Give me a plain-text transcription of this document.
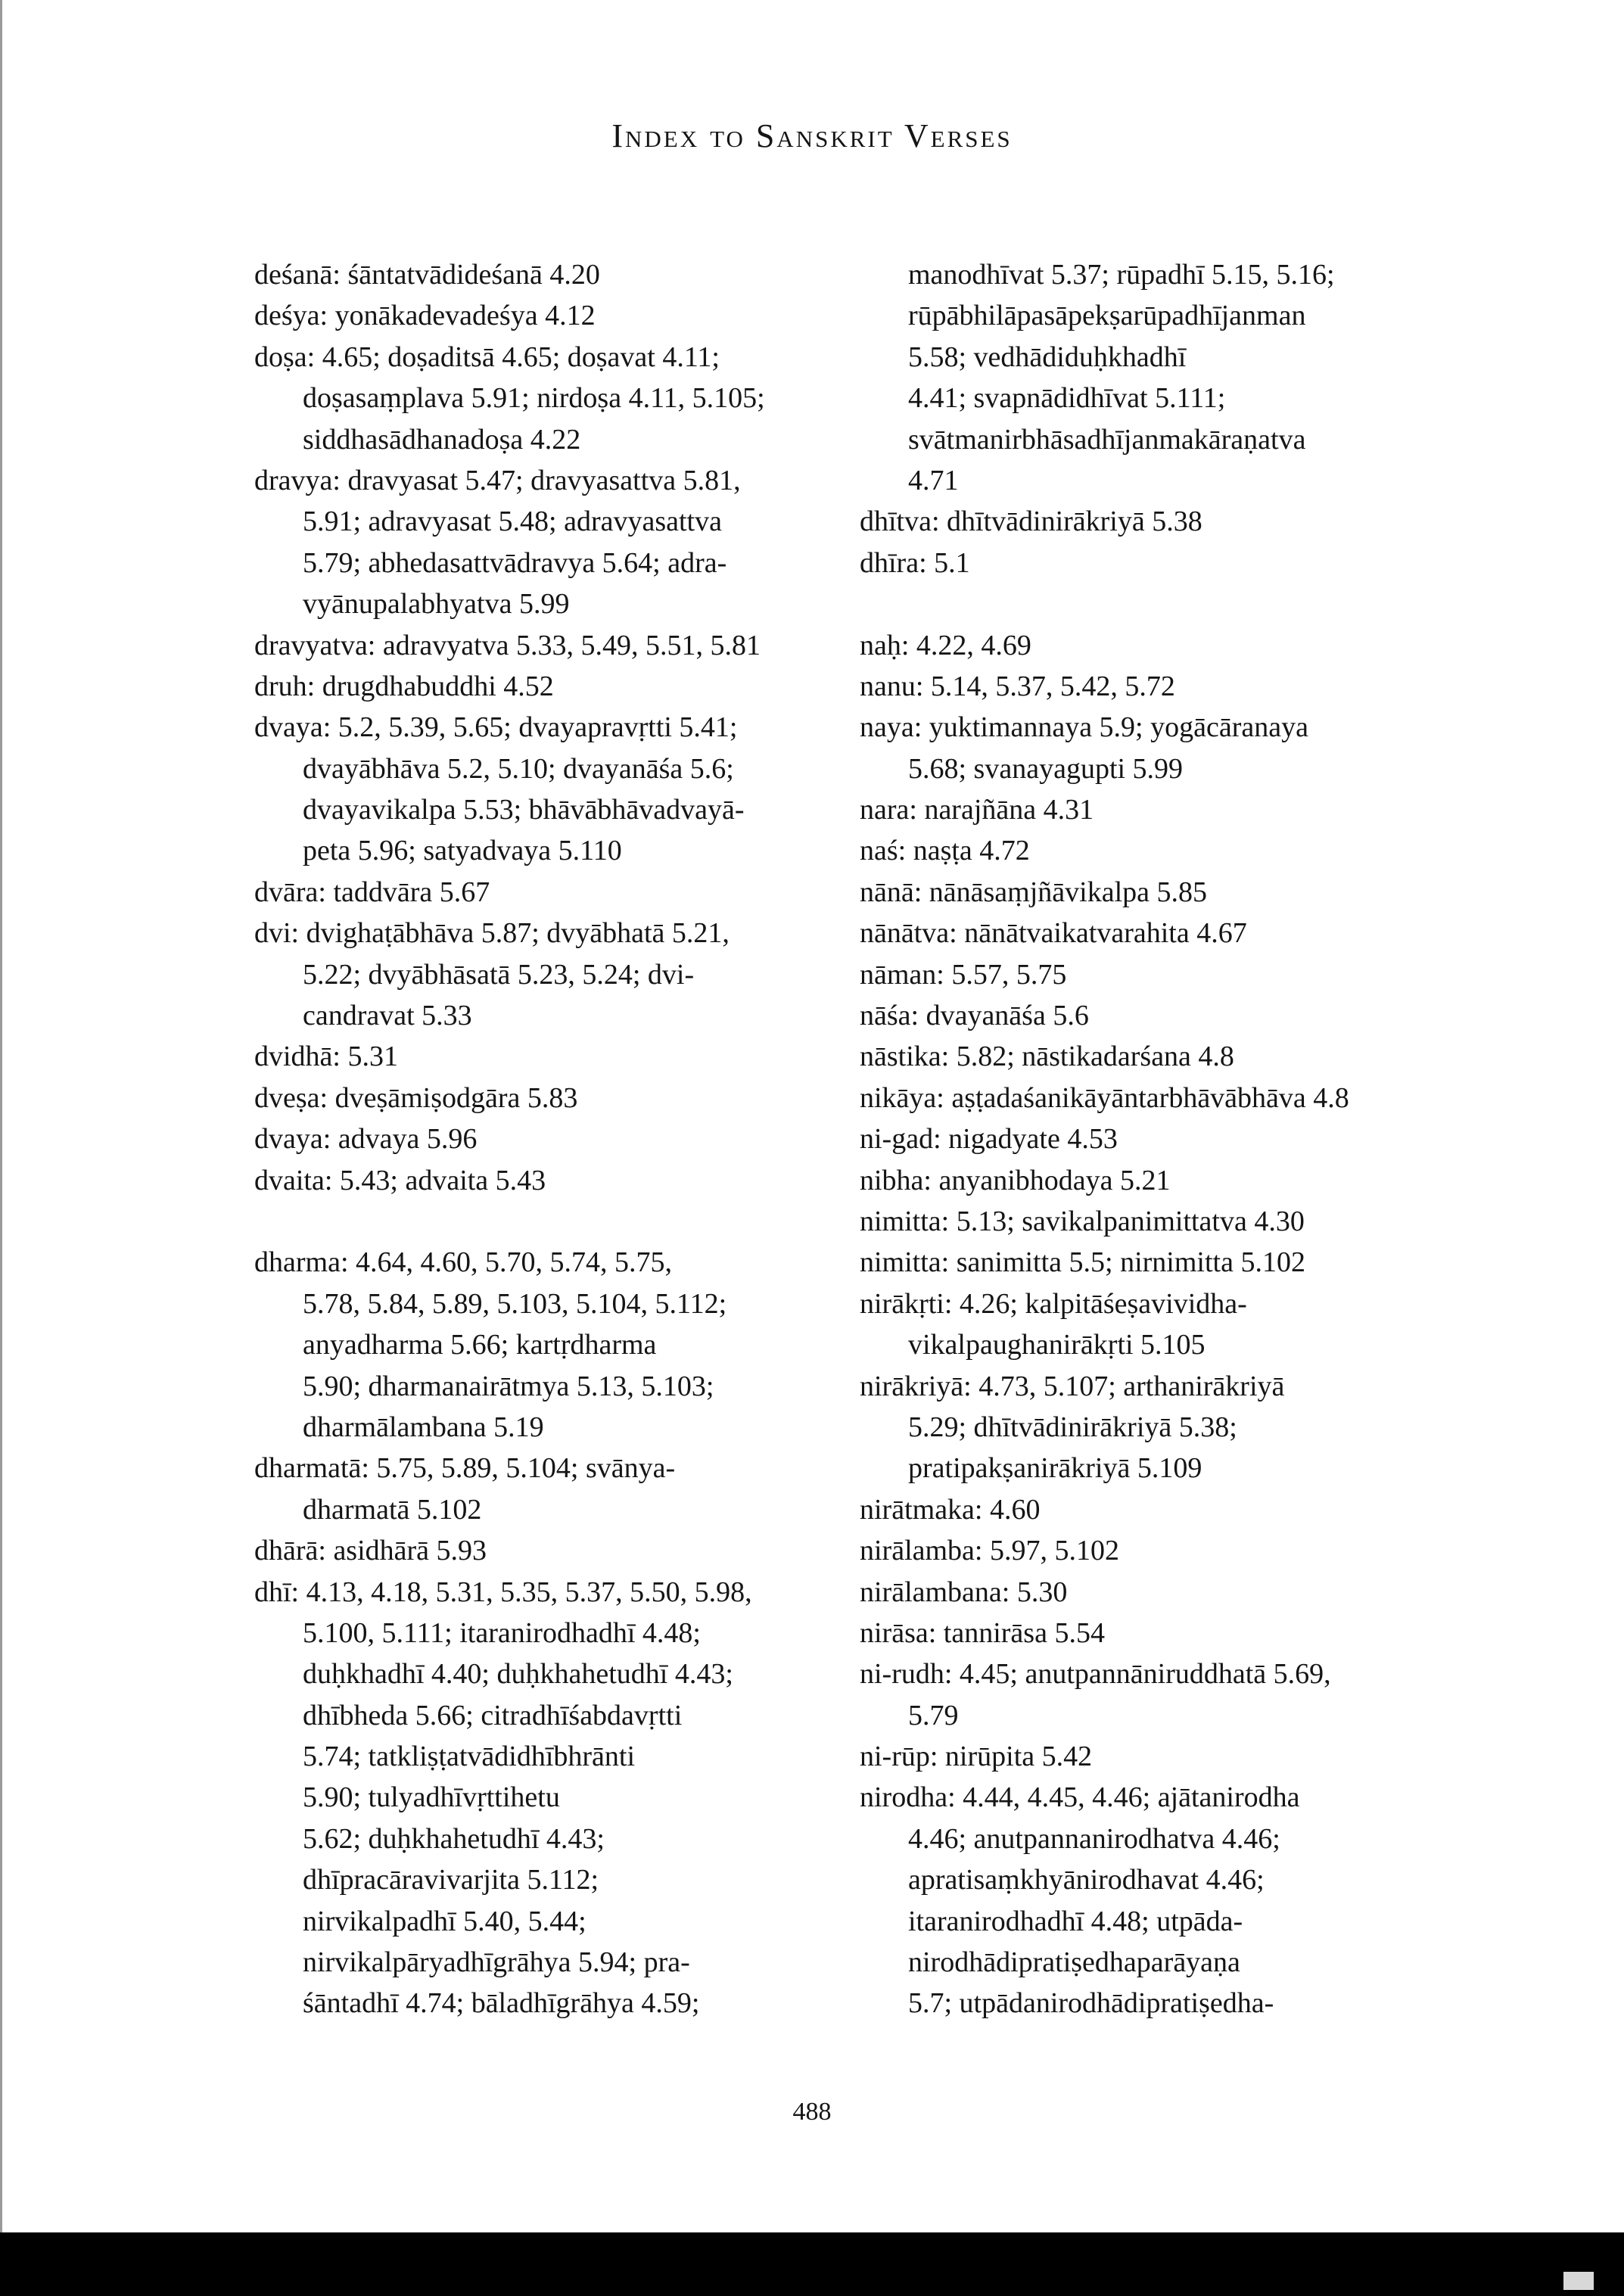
Index to Sanskrit Verses
deśanā: śāntatvādideśanā 4.20
deśya: yonākadevadeśya 4.12
doṣa: 4.65; doṣaditsā 4.65; doṣavat 4.11;
doṣasaṃplava 5.91; nirdoṣa 4.11, 5.105;
siddhasādhanadoṣa 4.22
dravya: dravyasat 5.47; dravyasattva 5.81,
5.91; adravyasat 5.48; adravyasattva
5.79; abhedasattvādravya 5.64; adra-
vyānupalabhyatva 5.99
dravyatva: adravyatva 5.33, 5.49, 5.51, 5.81
druh: drugdhabuddhi 4.52
dvaya: 5.2, 5.39, 5.65; dvayapravṛtti 5.41;
dvayābhāva 5.2, 5.10; dvayanāśa 5.6;
dvayavikalpa 5.53; bhāvābhāvadvayā-
peta 5.96; satyadvaya 5.110
dvāra: taddvāra 5.67
dvi: dvighaṭābhāva 5.87; dvyābhatā 5.21,
5.22; dvyābhāsatā 5.23, 5.24; dvi-
candravat 5.33
dvidhā: 5.31
dveṣa: dveṣāmiṣodgāra 5.83
dvaya: advaya 5.96
dvaita: 5.43; advaita 5.43
dharma: 4.64, 4.60, 5.70, 5.74, 5.75,
5.78, 5.84, 5.89, 5.103, 5.104, 5.112;
anyadharma 5.66; kartṛdharma
5.90; dharmanairātmya 5.13, 5.103;
dharmālambana 5.19
dharmatā: 5.75, 5.89, 5.104; svānya-
dharmatā 5.102
dhārā: asidhārā 5.93
dhī: 4.13, 4.18, 5.31, 5.35, 5.37, 5.50, 5.98,
5.100, 5.111; itaranirodhadhī 4.48;
duḥkhadhī 4.40; duḥkhahetudhī 4.43;
dhībheda 5.66; citradhīśabdavṛtti
5.74; tatkliṣṭatvādidhībhrānti
5.90; tulyadhīvṛttihetu
5.62; duḥkhahetudhī 4.43;
dhīpracāravivarjita 5.112;
nirvikalpadhī 5.40, 5.44;
nirvikalpāryadhīgrāhya 5.94; pra-
śāntadhī 4.74; bāladhīgrāhya 4.59;
manodhīvat 5.37; rūpadhī 5.15, 5.16;
rūpābhilāpasāpekṣarūpadhījanman
5.58; vedhādiduḥkhadhī
4.41; svapnādidhīvat 5.111;
svātmanirbhāsadhījanmakāraṇatva
4.71
dhītva: dhītvādinirākriyā 5.38
dhīra: 5.1
naḥ: 4.22, 4.69
nanu: 5.14, 5.37, 5.42, 5.72
naya: yuktimannaya 5.9; yogācāranaya
5.68; svanayagupti 5.99
nara: narajñāna 4.31
naś: naṣṭa 4.72
nānā: nānāsaṃjñāvikalpa 5.85
nānātva: nānātvaikatvarahita 4.67
nāman: 5.57, 5.75
nāśa: dvayanāśa 5.6
nāstika: 5.82; nāstikadarśana 4.8
nikāya: aṣṭadaśanikāyāntarbhāvābhāva 4.8
ni-gad: nigadyate 4.53
nibha: anyanibhodaya 5.21
nimitta: 5.13; savikalpanimittatva 4.30
nimitta: sanimitta 5.5; nirnimitta 5.102
nirākṛti: 4.26; kalpitāśeṣavividha-
vikalpaughanirākṛti 5.105
nirākriyā: 4.73, 5.107; arthanirākriyā
5.29; dhītvādinirākriyā 5.38;
pratipakṣanirākriyā 5.109
nirātmaka: 4.60
nirālamba: 5.97, 5.102
nirālambana: 5.30
nirāsa: tannirāsa 5.54
ni-rudh: 4.45; anutpannāniruddhatā 5.69,
5.79
ni-rūp: nirūpita 5.42
nirodha: 4.44, 4.45, 4.46; ajātanirodha
4.46; anutpannanirodhatva 4.46;
apratisaṃkhyānirodhavat 4.46;
itaranirodhadhī 4.48; utpāda-
nirodhādipratiṣedhaparāyaṇa
5.7; utpādanirodhādipratiṣedha-
488
